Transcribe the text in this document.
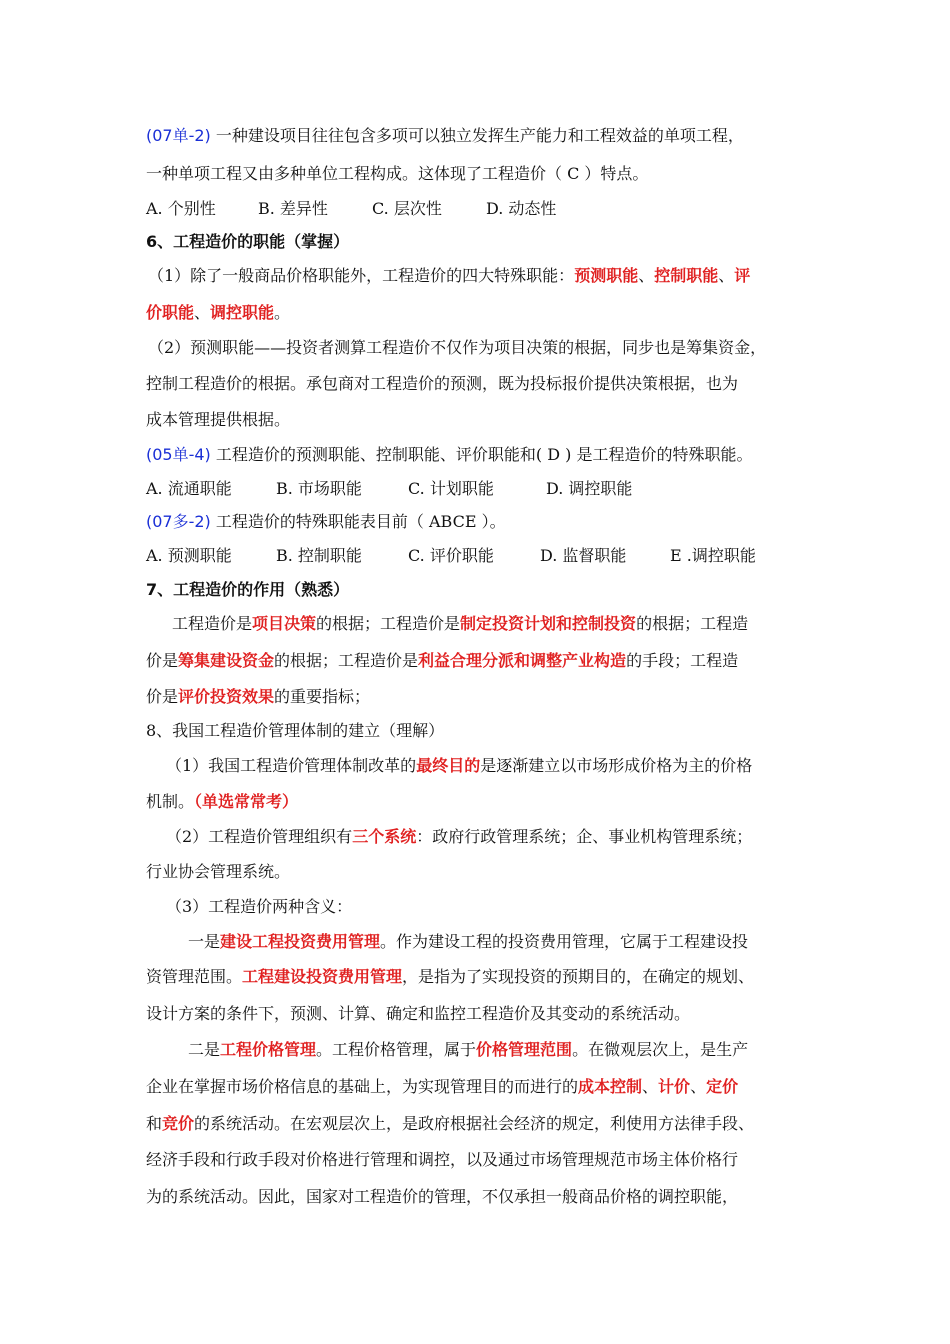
(07单-2) 一种建设项目往往包含多项可以独立发挥生产能力和工程效益的单项工程，
一种单项工程又由多种单位工程构成。这体现了工程造价（ C ）特点。
A. 个别性	B. 差异性	C. 层次性	D. 动态性
6、工程造价的职能（掌握）
（1）除了一般商品价格职能外，工程造价的四大特殊职能：预测职能、控制职能、评
价职能、调控职能。
（2）预测职能——投资者测算工程造价不仅作为项目决策的根据，同步也是筹集资金，
控制工程造价的根据。承包商对工程造价的预测，既为投标报价提供决策根据，也为
成本管理提供根据。
(05单-4) 工程造价的预测职能、控制职能、评价职能和( D ) 是工程造价的特殊职能。
A. 流通职能	B. 市场职能	C. 计划职能	D. 调控职能
(07多-2) 工程造价的特殊职能表目前（ ABCE ）。
A. 预测职能	B. 控制职能	C. 评价职能	D. 监督职能	E .调控职能
7、工程造价的作用（熟悉）
工程造价是项目决策的根据；工程造价是制定投资计划和控制投资的根据；工程造
价是筹集建设资金的根据；工程造价是利益合理分派和调整产业构造的手段；工程造
价是评价投资效果的重要指标；
8、我国工程造价管理体制的建立（理解）
（1）我国工程造价管理体制改革的最终目的是逐渐建立以市场形成价格为主的价格
机制。（单选常常考）
（2）工程造价管理组织有三个系统：政府行政管理系统；企、事业机构管理系统；
行业协会管理系统。
（3）工程造价两种含义：
一是建设工程投资费用管理。作为建设工程的投资费用管理，它属于工程建设投
资管理范围。工程建设投资费用管理，是指为了实现投资的预期目的，在确定的规划、
设计方案的条件下，预测、计算、确定和监控工程造价及其变动的系统活动。
二是工程价格管理。工程价格管理，属于价格管理范围。在微观层次上，是生产
企业在掌握市场价格信息的基础上，为实现管理目的而进行的成本控制、计价、定价
和竞价的系统活动。在宏观层次上，是政府根据社会经济的规定，利使用方法律手段、
经济手段和行政手段对价格进行管理和调控，以及通过市场管理规范市场主体价格行
为的系统活动。因此，国家对工程造价的管理，不仅承担一般商品价格的调控职能，
